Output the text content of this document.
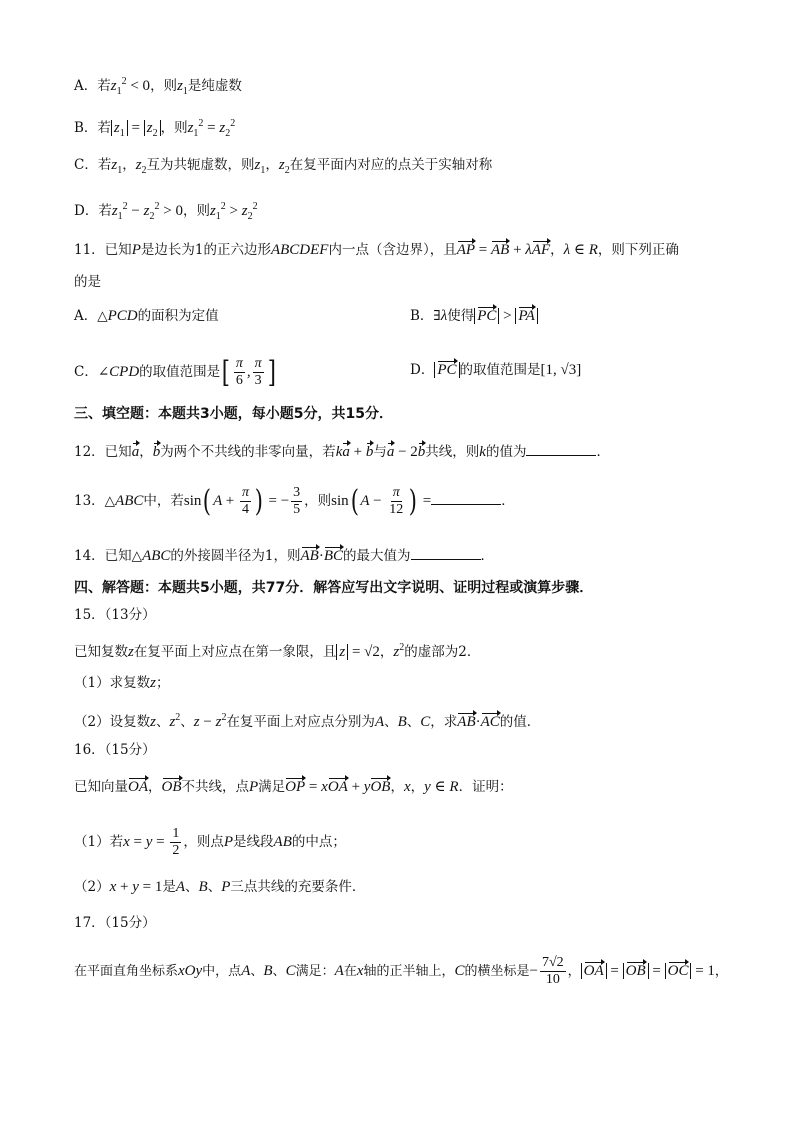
A．若$z_1^2 < 0$，则$z_1$是纯虚数
B．若 $z_1 = z_2$ ，则$z_1^2 = z_2^2$
C．若$z_1$，$z_2$互为共轭虚数，则$z_1$，$z_2$在复平面内对应的点关于实轴对称
D．若$z_1^2 - z_2^2 > 0$，则$z_1^2 > z_2^2$
11．已知P是边长为1的正六边形ABCDEF内一点（含边界），且AP = AB + λAF，λ ∈ R，则下列正确
的是
A．△PCD的面积为定值	B．∃λ使得 PC > PA
C．∠CPD的取值范围是[ $\frac{\pi}{6}$ , $\frac{\pi}{3}$ ]	D． PC 的取值范围是[1, √3]
三、填空题：本题共3小题，每小题5分，共15分．
12．已知a，b为两个不共线的非零向量，若ka + b与a − 2b共线，则k的值为	．
13．△ABC中，若sin( $A + \frac{\pi}{4}$ ) = − $\frac{3}{5}$ ，则sin( $A - \frac{\pi}{12}$ ) =	．
14．已知△ABC的外接圆半径为1，则AB·BC的最大值为	．
四、解答题：本题共5小题，共77分．解答应写出文字说明、证明过程或演算步骤．
15．（13分）
已知复数z在复平面上对应点在第一象限，且 z = √2，$z^2$的虚部为2．
（1）求复数z；
（2）设复数z、$z^2$、$z - z^2$在复平面上对应点分别为A、B、C，求AB·AC的值．
16．（15分）
已知向量OA，OB不共线，点P满足OP = xOA + yOB，x，y ∈ R．证明：
（1）若$x = y = \frac{1}{2}$ ，则点P是线段AB的中点；
（2）x + y = 1是A、B、P三点共线的充要条件．
17．（15分）
在平面直角坐标系xOy中，点A、B、C满足：A在x轴的正半轴上，C的横坐标是− $\frac{7√2}{10}$ ， OA = OB = OC = 1，
